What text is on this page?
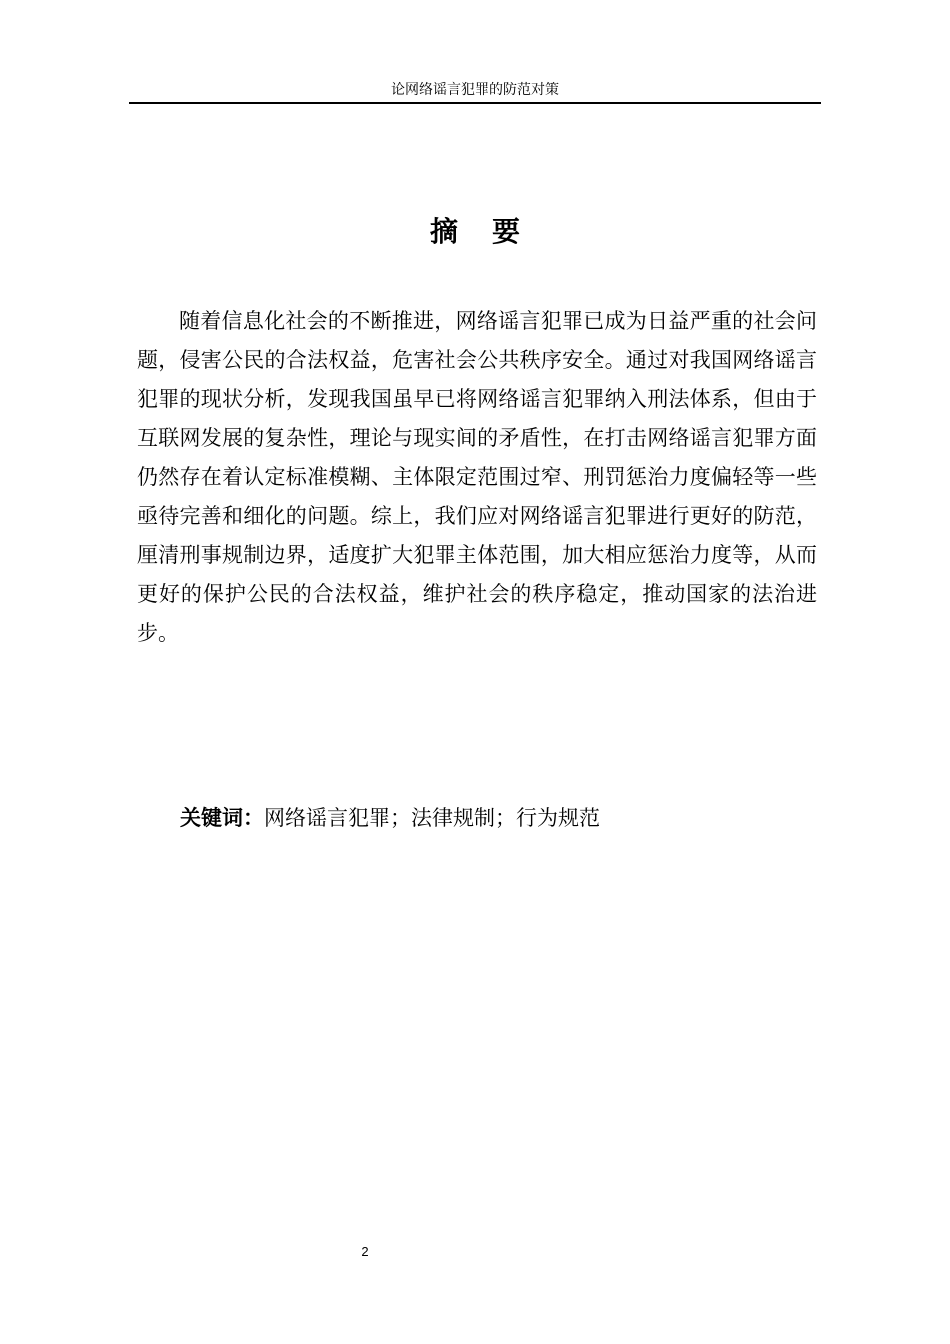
论网络谣言犯罪的防范对策
摘要

随着信息化社会的不断推进，网络谣言犯罪已成为日益严重的社会问题，侵害公民的合法权益，危害社会公共秩序安全。通过对我国网络谣言犯罪的现状分析，发现我国虽早已将网络谣言犯罪纳入刑法体系，但由于互联网发展的复杂性，理论与现实间的矛盾性，在打击网络谣言犯罪方面仍然存在着认定标准模糊、主体限定范围过窄、刑罚惩治力度偏轻等一些亟待完善和细化的问题。综上，我们应对网络谣言犯罪进行更好的防范，厘清刑事规制边界，适度扩大犯罪主体范围，加大相应惩治力度等，从而更好的保护公民的合法权益，维护社会的秩序稳定，推动国家的法治进步。

关键词：网络谣言犯罪；法律规制；行为规范
2
